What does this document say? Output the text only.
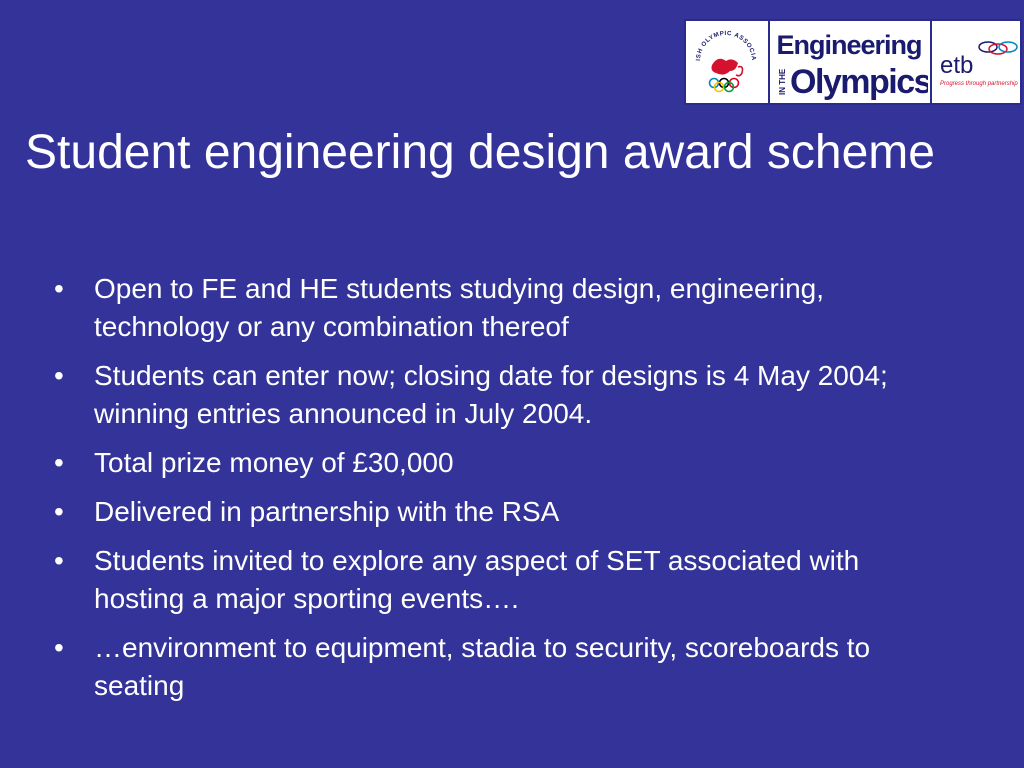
ISH OLYMPIC ASSOCIA Engineering
IN THE Olympics etb
Progress through partnership
Student engineering design award scheme
• Open to FE and HE students studying design, engineering, technology or any combination thereof
• Students can enter now; closing date for designs is 4 May 2004; winning entries announced in July 2004.
• Total prize money of £30,000
• Delivered in partnership with the RSA
• Students invited to explore any aspect of SET associated with hosting a major sporting events….
• …environment to equipment, stadia to security, scoreboards to seating
